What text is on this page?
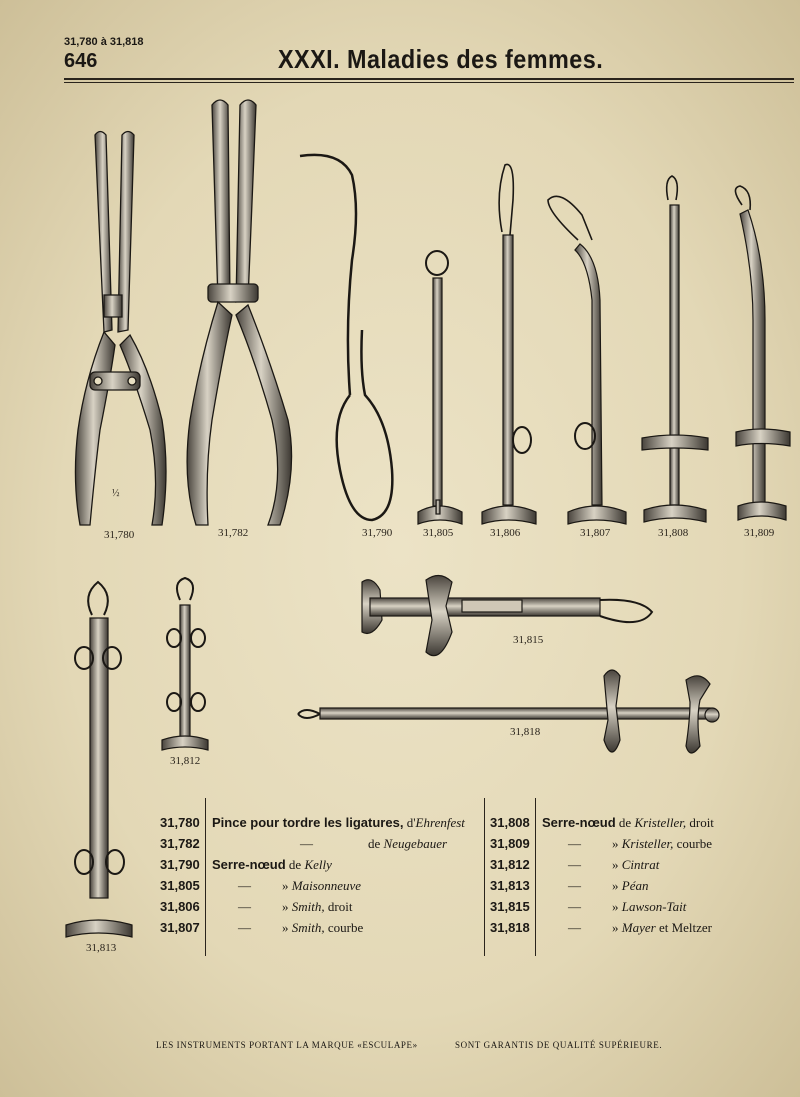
31,780 à 31,818
646	XXXI. Maladies des femmes.
31,780
½
31,782	31,790	31,805	31,806	31,807	31,808	31,809
31,812
31,813
31,815
31,818
31,780 Pince pour tordre les ligatures, d'Ehrenfest
31,782	—	de Neugebauer
31,790 Serre-nœud de Kelly
31,805	— » Maisonneuve
31,806	— » Smith, droit
31,807	— » Smith, courbe
31,808 Serre-nœud de Kristeller, droit
31,809	— » Kristeller, courbe
31,812	— » Cintrat
31,813	— » Péan
31,815	— » Lawson-Tait
31,818	— » Mayer et Meltzer
LES INSTRUMENTS PORTANT LA MARQUE «ESCULAPE»	SONT GARANTIS DE QUALITÉ SUPÉRIEURE.
